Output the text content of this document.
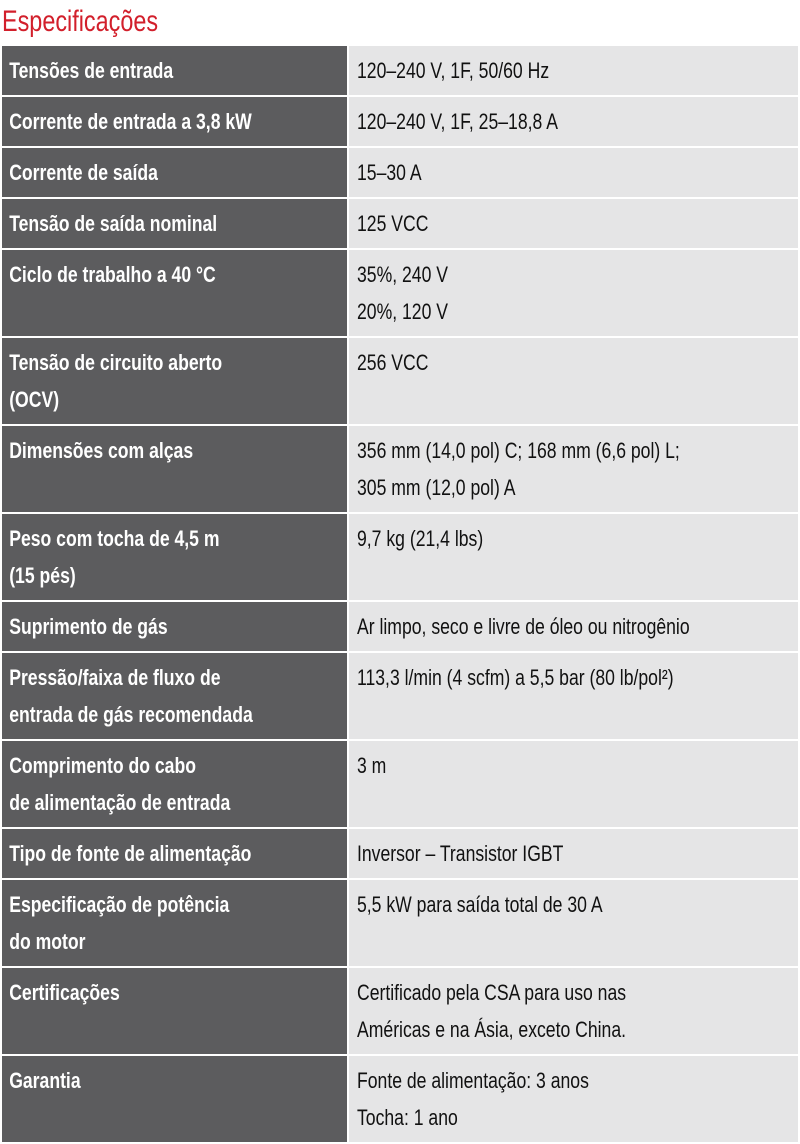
Especificações
Tensões de entrada	120–240 V, 1F, 50/60 Hz

Corrente de entrada a 3,8 kW	120–240 V, 1F, 25–18,8 A

Corrente de saída	15–30 A

Tensão de saída nominal	125 VCC

Ciclo de trabalho a 40 °C	35%, 240 V
20%, 120 V

Tensão de circuito aberto
(OCV)	256 VCC

Dimensões com alças	356 mm (14,0 pol) C; 168 mm (6,6 pol) L;
305 mm (12,0 pol) A

Peso com tocha de 4,5 m
(15 pés)	9,7 kg (21,4 lbs)

Suprimento de gás	Ar limpo, seco e livre de óleo ou nitrogênio

Pressão/faixa de fluxo de
entrada de gás recomendada	113,3 l/min (4 scfm) a 5,5 bar (80 lb/pol²)

Comprimento do cabo
de alimentação de entrada	3 m

Tipo de fonte de alimentação	Inversor – Transistor IGBT

Especificação de potência
do motor	5,5 kW para saída total de 30 A

Certificações	Certificado pela CSA para uso nas
Américas e na Ásia, exceto China.

Garantia	Fonte de alimentação: 3 anos
Tocha: 1 ano
